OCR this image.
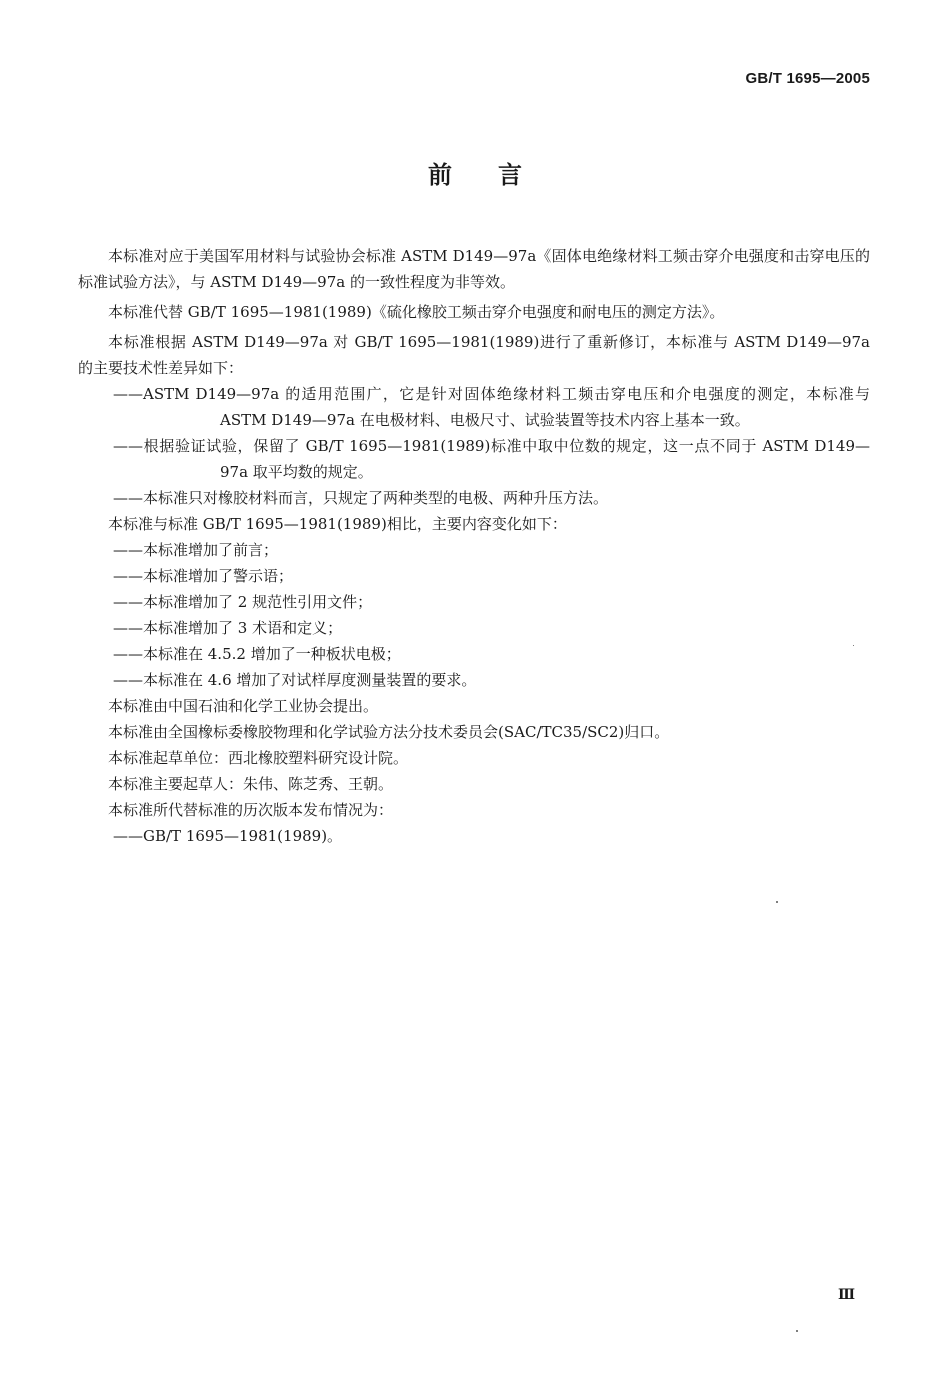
GB/T 1695—2005
前 言

本标准对应于美国军用材料与试验协会标准 ASTM D149—97a《固体电绝缘材料工频击穿介电强度和击穿电压的标准试验方法》，与 ASTM D149—97a 的一致性程度为非等效。

本标准代替 GB/T 1695—1981(1989)《硫化橡胶工频击穿介电强度和耐电压的测定方法》。

本标准根据 ASTM D149—97a 对 GB/T 1695—1981(1989)进行了重新修订，本标准与 ASTM D149—97a 的主要技术性差异如下：

——ASTM D149—97a 的适用范围广，它是针对固体绝缘材料工频击穿电压和介电强度的测定，本标准与 ASTM D149—97a 在电极材料、电极尺寸、试验装置等技术内容上基本一致。

——根据验证试验，保留了 GB/T 1695—1981(1989)标准中取中位数的规定，这一点不同于 ASTM D149—97a 取平均数的规定。

——本标准只对橡胶材料而言，只规定了两种类型的电极、两种升压方法。

本标准与标准 GB/T 1695—1981(1989)相比，主要内容变化如下：

——本标准增加了前言；

——本标准增加了警示语；

——本标准增加了 2 规范性引用文件；

——本标准增加了 3 术语和定义；

——本标准在 4.5.2 增加了一种板状电极；

——本标准在 4.6 增加了对试样厚度测量装置的要求。

本标准由中国石油和化学工业协会提出。

本标准由全国橡标委橡胶物理和化学试验方法分技术委员会(SAC/TC35/SC2)归口。

本标准起草单位：西北橡胶塑料研究设计院。

本标准主要起草人：朱伟、陈芝秀、王朝。

本标准所代替标准的历次版本发布情况为：

——GB/T 1695—1981(1989)。

Ⅲ
